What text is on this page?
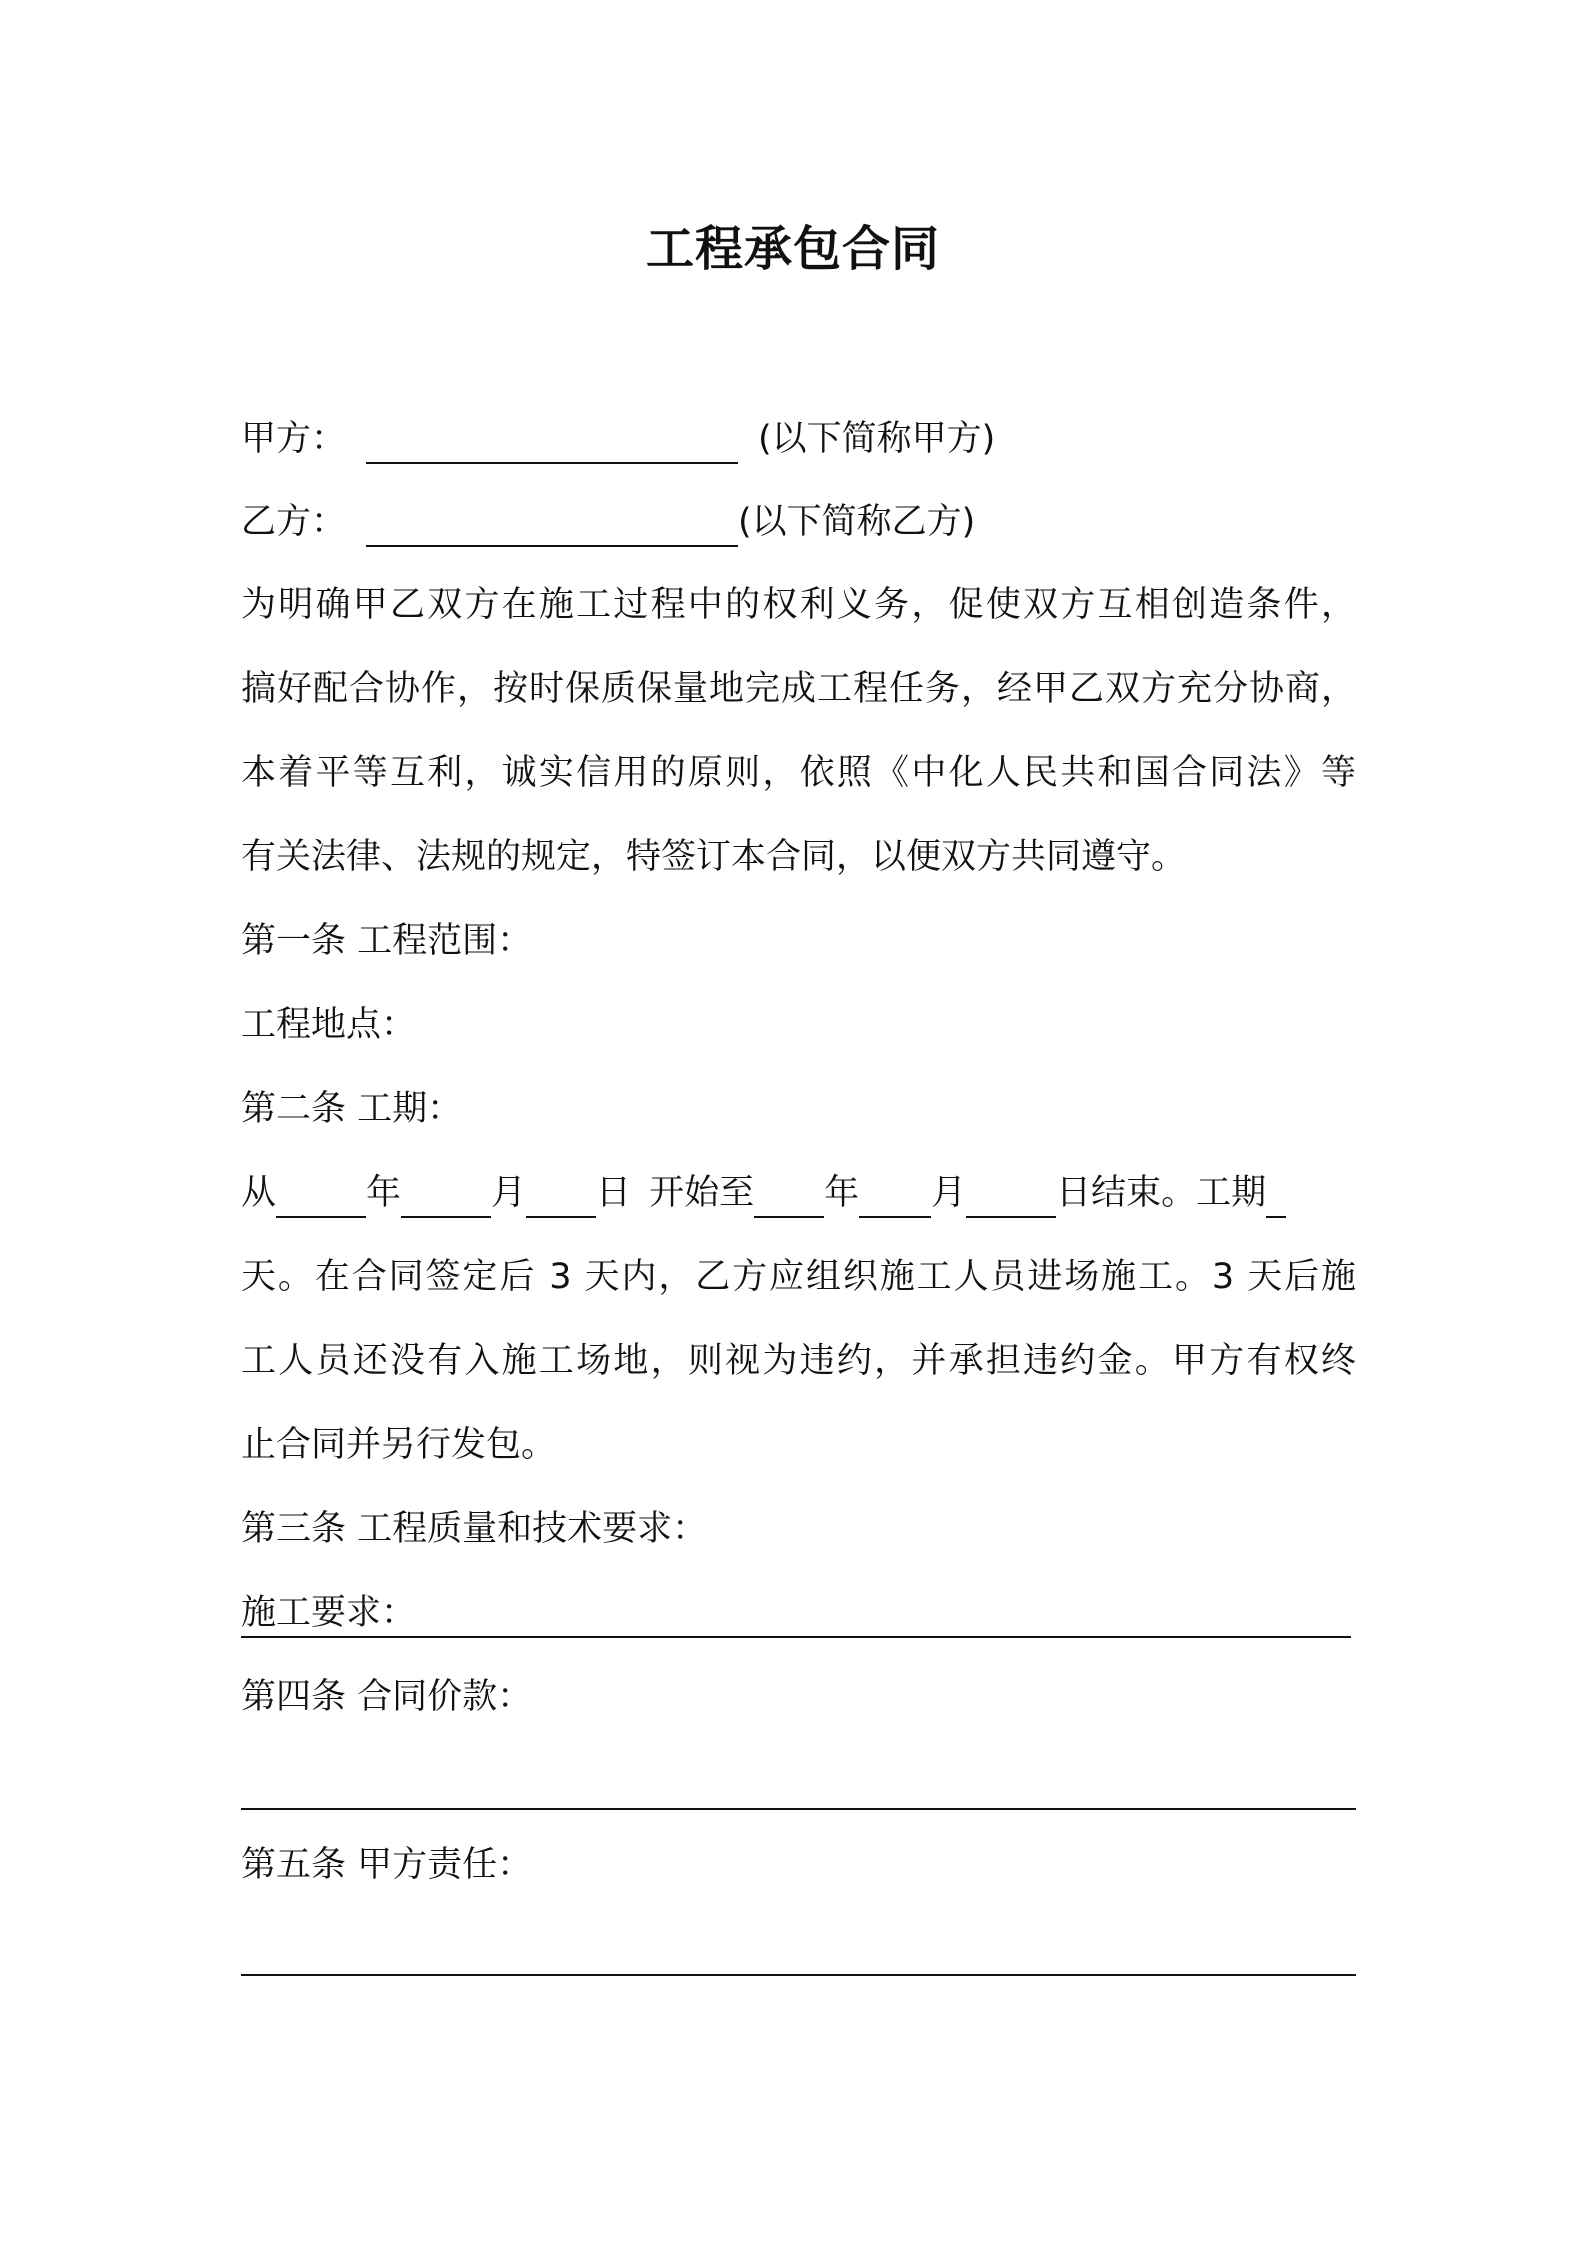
工程承包合同
甲方：	(以下简称甲方)
乙方：	(以下简称乙方)
为明确甲乙双方在施工过程中的权利义务，促使双方互相创造条件，
搞好配合协作，按时保质保量地完成工程任务，经甲乙双方充分协商，
本着平等互利，诚实信用的原则，依照《中化人民共和国合同法》等
有关法律、法规的规定，特签订本合同，以便双方共同遵守。
第一条 工程范围：
工程地点：
第二条 工期：
从	年	月 日 开始至 年 月	日结束。工期
天。在合同签定后 3 天内，乙方应组织施工人员进场施工。3 天后施
工人员还没有入施工场地，则视为违约，并承担违约金。甲方有权终
止合同并另行发包。
第三条 工程质量和技术要求：
施工要求：
第四条 合同价款：
第五条 甲方责任：
